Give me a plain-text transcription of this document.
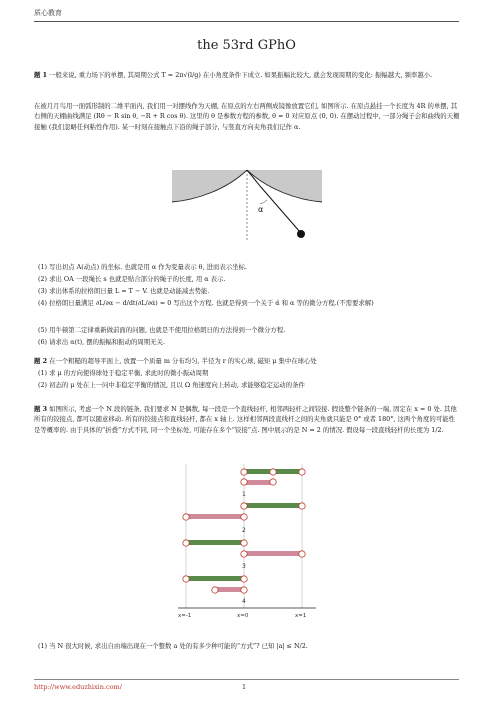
质心教育
the 53rd GPhO

题 1 一般来说, 重力场下的单摆, 其周期公式 T = 2π√(l/g) 在小角度条件下成立. 如果振幅比较大, 就会发现周期的变化: 振幅越大, 频率越小.

在被月月鸟用一面弧形制的二维平面内, 我们用一对摆线作为天棚, 在原点的左右两侧成镜像放置它们, 如图所示. 在原点悬挂一个长度为 4R 的单摆, 其右侧的天棚曲线满足 (Rθ − R sin θ, −R + R cos θ). 这里的 θ 是参数方程的参数, θ = 0 对应原点 (0, 0). 在摆动过程中, 一部分绳子会和曲线的天棚接触 (我们忽略任何粘性作用). 某一时刻在接触点下沿的绳子部分, 与竖直方向夹角我们记作 α.

α
(1) 写出切点 A(动点) 的坐标. 也就是用 α 作为变量表示 θ, 进而表示坐标.
(2) 求出 OA 一段绳长 s 也就是贴合部分的绳子的长度, 用 α 表示.
(3) 求出体系的拉格朗日量 L = T − V. 也就是动能减去势能.
(4) 拉格朗日量满足 ∂L/∂α − d/dt(∂L/∂α̇) = 0 写出这个方程. 也就是得到一个关于 α̈ 和 α 等的微分方程.(不需要求解)
(5) 用牛顿第二定律重新做前面的问题, 也就是不使用拉格朗日的方法得到一个微分方程.
(6) 请求出 α(t), 摆的振幅和振动的周期无关.

题 2 在一个粗糙的超导平面上, 放置一个质量 m 分布均匀, 半径为 r 的实心球, 磁矩 μ 集中在球心处

(1) 求 μ 的方向使得球处于稳定平衡, 求此时的微小振动周期
(2) 初态的 μ 处在上一问中非稳定平衡的情况, 且以 Ω 角速度向上转动, 求能够稳定运动的条件

题 3 如图所示, 考虑一个 N 段的链条, 我们要求 N 是偶数, 每一段是一个直线轻杆, 相邻两轻杆之间铰接. 假设整个链条的一端, 固定在 x = 0 处. 其他所有的铰接点, 都可以随意移动. 所有的铰接点和直线轻杆, 都在 x 轴上. 这样相邻两段直线杆之间的夹角就只能是 0° 或者 180°, 这两个角度的可能性是等概率的. 由于具体的“折叠”方式不同, 同一个坐标处, 可能存在多个“铰接”点. 图中展示的是 N = 2 的情况. 假设每一段直线轻杆的长度为 1/2.

1
2
3
4
x=-1	x=0	x=1
(1) 当 N 很大时候, 求出自由端出现在一个整数 a 处的有多少种可能的“方式”? 已知 |a| ≤ N/2.
http://www.eduzhixin.com/	1
